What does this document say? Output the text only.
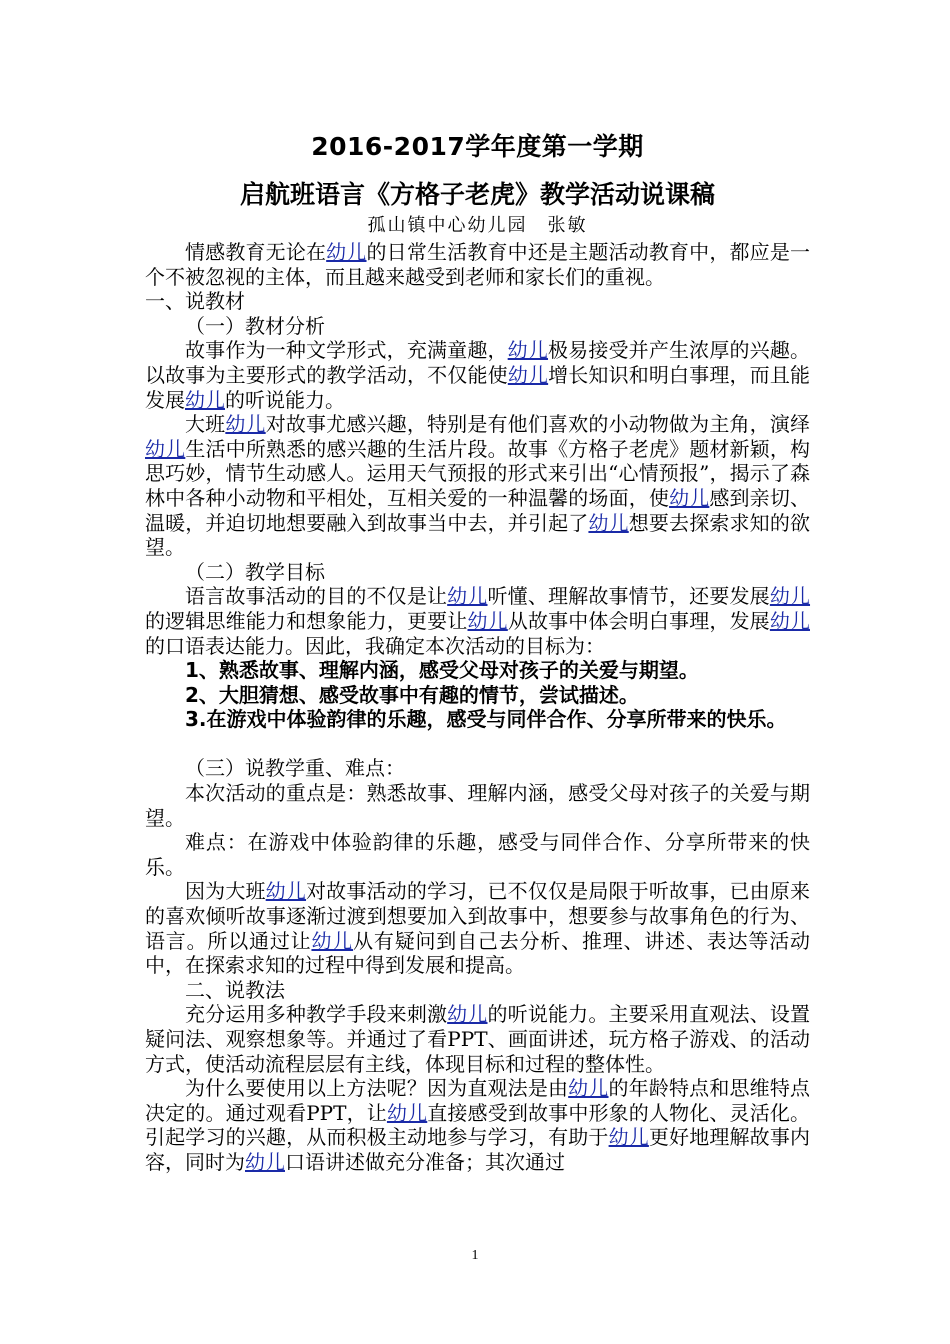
2016-2017学年度第一学期
启航班语言《方格子老虎》教学活动说课稿
孤山镇中心幼儿园　张敏

情感教育无论在幼儿的日常生活教育中还是主题活动教育中，都应是一个不被忽视的主体，而且越来越受到老师和家长们的重视。

一、说教材

（一）教材分析

故事作为一种文学形式，充满童趣，幼儿极易接受并产生浓厚的兴趣。以故事为主要形式的教学活动，不仅能使幼儿增长知识和明白事理，而且能发展幼儿的听说能力。

大班幼儿对故事尤感兴趣，特别是有他们喜欢的小动物做为主角，演绎幼儿生活中所熟悉的感兴趣的生活片段。故事《方格子老虎》题材新颖，构思巧妙，情节生动感人。运用天气预报的形式来引出“心情预报”，揭示了森林中各种小动物和平相处，互相关爱的一种温馨的场面，使幼儿感到亲切、温暖，并迫切地想要融入到故事当中去，并引起了幼儿想要去探索求知的欲望。

（二）教学目标

语言故事活动的目的不仅是让幼儿听懂、理解故事情节，还要发展幼儿的逻辑思维能力和想象能力，更要让幼儿从故事中体会明白事理，发展幼儿的口语表达能力。因此，我确定本次活动的目标为：

1、熟悉故事、理解内涵，感受父母对孩子的关爱与期望。

2、大胆猜想、感受故事中有趣的情节，尝试描述。

3.在游戏中体验韵律的乐趣，感受与同伴合作、分享所带来的快乐。

（三）说教学重、难点：

本次活动的重点是：熟悉故事、理解内涵，感受父母对孩子的关爱与期望。

难点：在游戏中体验韵律的乐趣，感受与同伴合作、分享所带来的快乐。

因为大班幼儿对故事活动的学习，已不仅仅是局限于听故事，已由原来的喜欢倾听故事逐渐过渡到想要加入到故事中，想要参与故事角色的行为、语言。所以通过让幼儿从有疑问到自己去分析、推理、讲述、表达等活动中，在探索求知的过程中得到发展和提高。

二、说教法

充分运用多种教学手段来刺激幼儿的听说能力。主要采用直观法、设置疑问法、观察想象等。并通过了看PPT、画面讲述，玩方格子游戏、的活动方式，使活动流程层层有主线，体现目标和过程的整体性。

为什么要使用以上方法呢？因为直观法是由幼儿的年龄特点和思维特点决定的。通过观看PPT，让幼儿直接感受到故事中形象的人物化、灵活化。引起学习的兴趣，从而积极主动地参与学习，有助于幼儿更好地理解故事内容，同时为幼儿口语讲述做充分准备；其次通过

1
